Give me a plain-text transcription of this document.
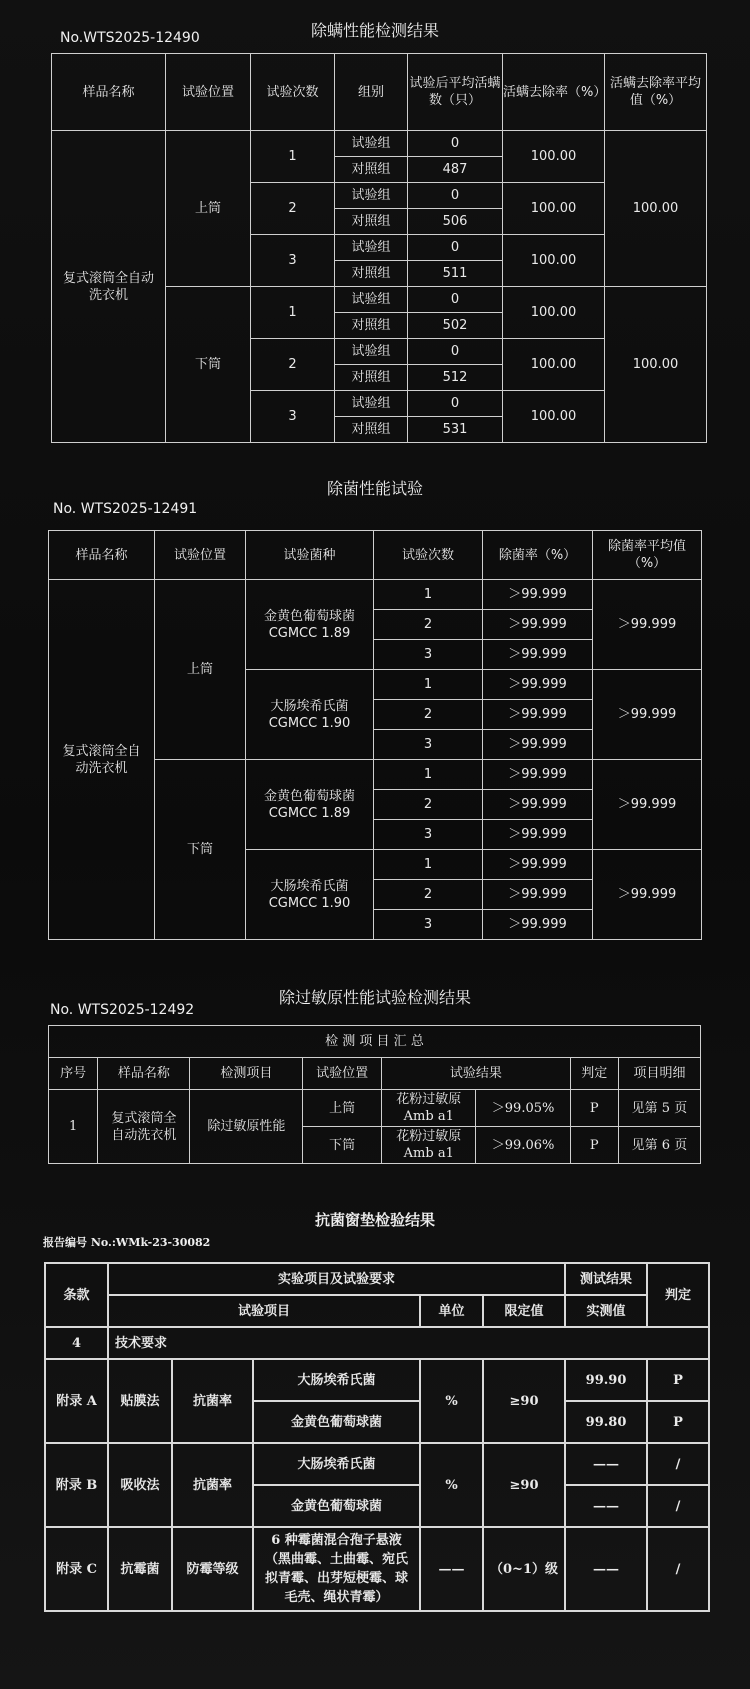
除螨性能检测结果
No.WTS2025-12490
样品名称	试验位置	试验次数	组别	试验后平均活螨数（只）	活螨去除率（%）	活螨去除率平均值（%）
复式滚筒全自动洗衣机	上筒	1	试验组	0	100.00	100.00
			对照组	487		
		2	试验组	0	100.00	
			对照组	506		
		3	试验组	0	100.00	
			对照组	511		
	下筒	1	试验组	0	100.00	100.00
			对照组	502		
		2	试验组	0	100.00	
			对照组	512		
		3	试验组	0	100.00	
			对照组	531		
除菌性能试验
No. WTS2025-12491
样品名称	试验位置	试验菌种	试验次数	除菌率（%）	除菌率平均值（%）
复式滚筒全自动洗衣机	上筒	金黄色葡萄球菌 CGMCC 1.89	1	＞99.999	＞99.999
			2	＞99.999	
			3	＞99.999	
		大肠埃希氏菌 CGMCC 1.90	1	＞99.999	＞99.999
			2	＞99.999	
			3	＞99.999	
	下筒	金黄色葡萄球菌 CGMCC 1.89	1	＞99.999	＞99.999
			2	＞99.999	
			3	＞99.999	
		大肠埃希氏菌 CGMCC 1.90	1	＞99.999	＞99.999
			2	＞99.999	
			3	＞99.999	
除过敏原性能试验检测结果
No. WTS2025-12492
检 测 项 目 汇 总							
序号	样品名称	检测项目	试验位置	试验结果		判定	项目明细
1	复式滚筒全自动洗衣机	除过敏原性能	上筒	花粉过敏原 Amb a1	＞99.05%	P	见第 5 页
			下筒	花粉过敏原 Amb a1	＞99.06%	P	见第 6 页
抗菌窗垫检验结果
报告编号 No.:WMk-23-30082
条款	实验项目及试验要求					测试结果	判定
	试验项目			单位	限定值	实测值	
4	技术要求						
附录 A	贴膜法	抗菌率	大肠埃希氏菌	%	≥90	99.90	P
			金黄色葡萄球菌			99.80	P
附录 B	吸收法	抗菌率	大肠埃希氏菌	%	≥90	——	/
			金黄色葡萄球菌			——	/
附录 C	抗霉菌	防霉等级	6 种霉菌混合孢子悬液（黑曲霉、土曲霉、宛氏拟青霉、出芽短梗霉、球毛壳、绳状青霉）	——	（0~1）级	——	/
